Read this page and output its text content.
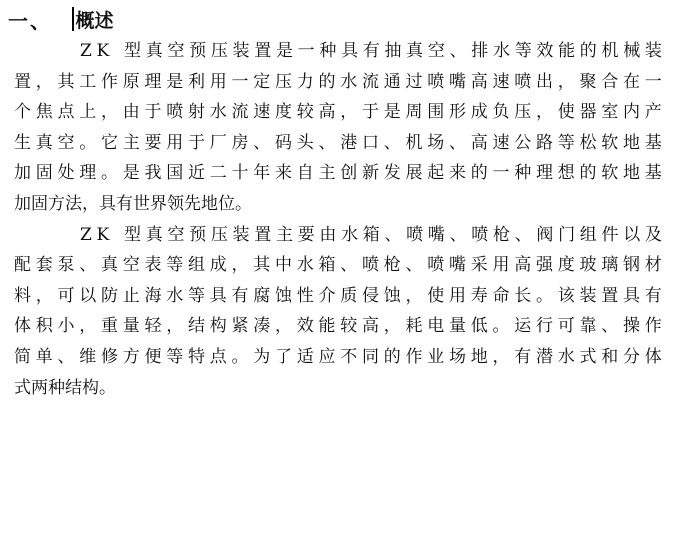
一、	概述
Z K
型 真 空 预 压 装 置 是 一 种 具 有 抽 真 空 、 排 水 等 效 能 的 机 械 装
置 ， 其 工 作 原 理 是 利 用 一 定 压 力 的 水 流 通 过 喷 嘴 高 速 喷 出 ， 聚 合 在 一
个 焦 点 上 ， 由 于 喷 射 水 流 速 度 较 高 ， 于 是 周 围 形 成 负 压 ， 使 器 室 内 产
生 真 空 。 它 主 要 用 于 厂 房 、 码 头 、 港 口 、 机 场 、 高 速 公 路 等 松 软 地 基
加 固 处 理 。 是 我 国 近 二 十 年 来 自 主 创 新 发 展 起 来 的 一 种 理 想 的 软 地 基
加固方法，具有世界领先地位。
Z K
型 真 空 预 压 装 置 主 要 由 水 箱 、 喷 嘴 、 喷 枪 、 阀 门 组 件 以 及
配 套 泵 、 真 空 表 等 组 成 ， 其 中 水 箱 、 喷 枪 、 喷 嘴 采 用 高 强 度 玻 璃 钢 材
料 ， 可 以 防 止 海 水 等 具 有 腐 蚀 性 介 质 侵 蚀 ， 使 用 寿 命 长 。 该 装 置 具 有
体 积 小 ， 重 量 轻 ， 结 构 紧 凑 ， 效 能 较 高 ， 耗 电 量 低 。 运 行 可 靠 、 操 作
简 单 、 维 修 方 便 等 特 点 。 为 了 适 应 不 同 的 作 业 场 地 ， 有 潜 水 式 和 分 体
式两种结构。
